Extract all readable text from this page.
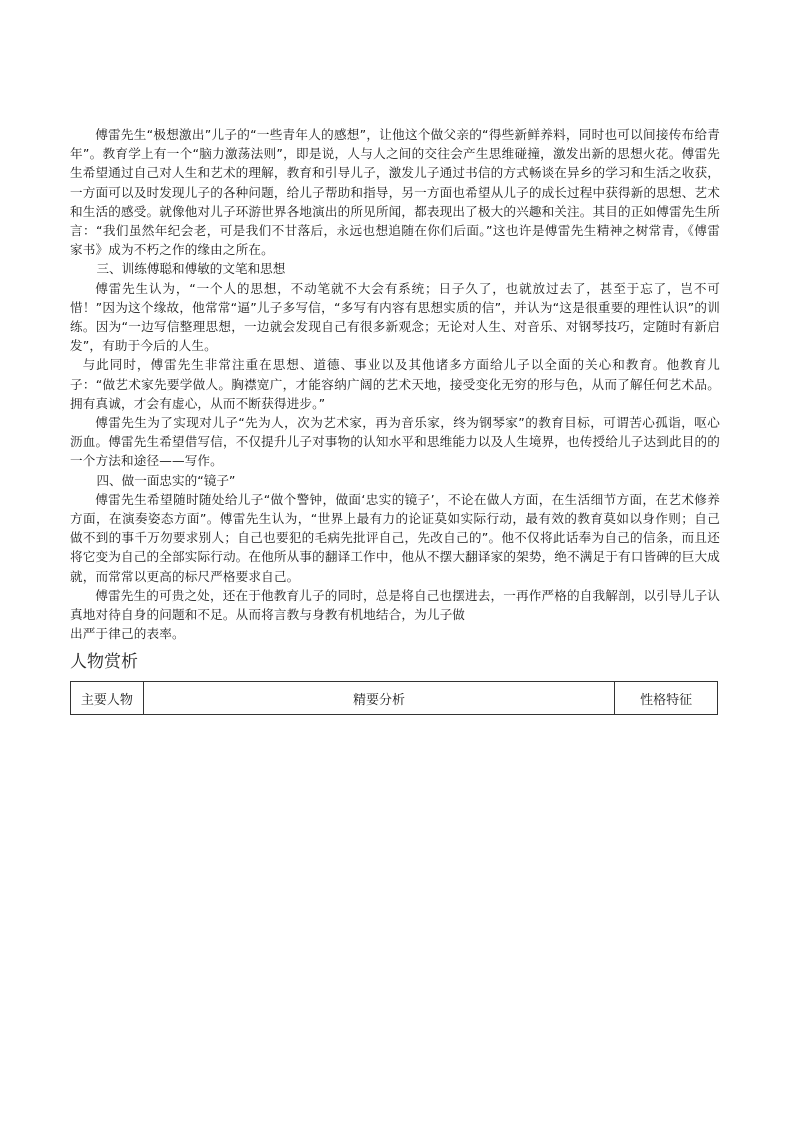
傅雷先生“极想激出”儿子的“一些青年人的感想”，让他这个做父亲的“得些新鲜养料，同时也可以间接传布给青年”。教育学上有一个“脑力激荡法则”，即是说，人与人之间的交往会产生思维碰撞，激发出新的思想火花。傅雷先生希望通过自己对人生和艺术的理解，教育和引导儿子，激发儿子通过书信的方式畅谈在异乡的学习和生活之收获，一方面可以及时发现儿子的各种问题，给儿子帮助和指导，另一方面也希望从儿子的成长过程中获得新的思想、艺术和生活的感受。就像他对儿子环游世界各地演出的所见所闻，都表现出了极大的兴趣和关注。其目的正如傅雷先生所言：“我们虽然年纪会老，可是我们不甘落后，永远也想追随在你们后面。”这也许是傅雷先生精神之树常青，《傅雷家书》成为不朽之作的缘由之所在。

三、训练傅聪和傅敏的文笔和思想

傅雷先生认为，“一个人的思想，不动笔就不大会有系统；日子久了，也就放过去了，甚至于忘了，岂不可惜！”因为这个缘故，他常常“逼”儿子多写信，“多写有内容有思想实质的信”，并认为“这是很重要的理性认识”的训练。因为“一边写信整理思想，一边就会发现自己有很多新观念；无论对人生、对音乐、对钢琴技巧，定随时有新启发”，有助于今后的人生。

与此同时，傅雷先生非常注重在思想、道德、事业以及其他诸多方面给儿子以全面的关心和教育。他教育儿子：“做艺术家先要学做人。胸襟宽广，才能容纳广阔的艺术天地，接受变化无穷的形与色，从而了解任何艺术品。拥有真诚，才会有虚心，从而不断获得进步。”

傅雷先生为了实现对儿子“先为人，次为艺术家，再为音乐家，终为钢琴家”的教育目标，可谓苦心孤诣，呕心沥血。傅雷先生希望借写信，不仅提升儿子对事物的认知水平和思维能力以及人生境界，也传授给儿子达到此目的的一个方法和途径——写作。

四、做一面忠实的“镜子”

傅雷先生希望随时随处给儿子“做个警钟，做面‘忠实的镜子’，不论在做人方面，在生活细节方面，在艺术修养方面，在演奏姿态方面”。傅雷先生认为，“世界上最有力的论证莫如实际行动，最有效的教育莫如以身作则；自己做不到的事千万勿要求别人；自己也要犯的毛病先批评自己，先改自己的”。他不仅将此话奉为自己的信条，而且还将它变为自己的全部实际行动。在他所从事的翻译工作中，他从不摆大翻译家的架势，绝不满足于有口皆碑的巨大成就，而常常以更高的标尺严格要求自己。

傅雷先生的可贵之处，还在于他教育儿子的同时，总是将自己也摆进去，一再作严格的自我解剖，以引导儿子认真地对待自身的问题和不足。从而将言教与身教有机地结合，为儿子做

出严于律己的表率。

人物赏析
主要人物	精要分析	性格特征
